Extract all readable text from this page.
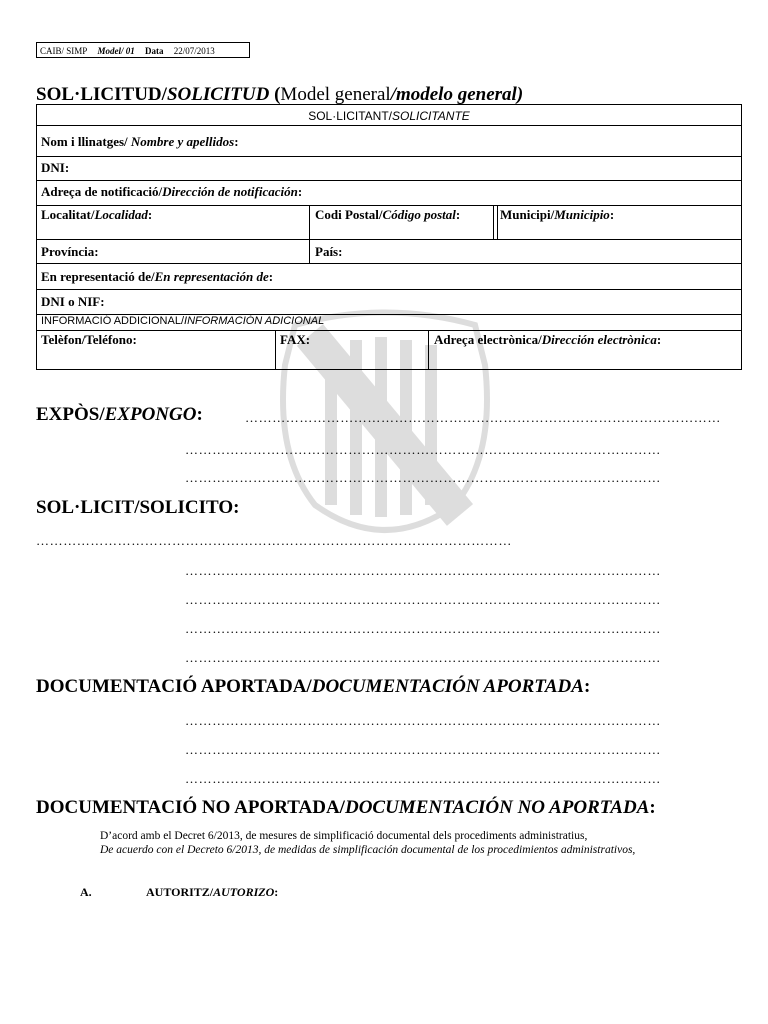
CAIB/ SIMP Model/ 01 Data 22/07/2013
SOL·LICITUD/SOLICITUD (Model general/modelo general)
SOL·LICITANT/SOLICITANTE
Nom i llinatges/ Nombre y apellidos:
DNI:
Adreça de notificació/Dirección de notificación:
Localitat/Localidad:	Codi Postal/Código postal:	Municipi/Municipio:
Província:	País:
En representació de/En representación de:
DNI o NIF:
INFORMACIÓ ADDICIONAL/INFORMACIÓN ADICIONAL
Telèfon/Teléfono:	FAX:	Adreça electrònica/Dirección electrònica:
EXPÒS/EXPONGO:	……………………………………………………………………………………………
……………………………………………………………………………………………
……………………………………………………………………………………………
SOL·LICIT/SOLICITO:
……………………………………………………………………………………………
……………………………………………………………………………………………
……………………………………………………………………………………………
……………………………………………………………………………………………
……………………………………………………………………………………………
DOCUMENTACIÓ APORTADA/DOCUMENTACIÓN APORTADA:
……………………………………………………………………………………………
……………………………………………………………………………………………
……………………………………………………………………………………………
DOCUMENTACIÓ NO APORTADA/DOCUMENTACIÓN NO APORTADA:
D’acord amb el Decret 6/2013, de mesures de simplificació documental dels procediments administratius,
De acuerdo con el Decreto 6/2013, de medidas de simplificación documental de los procedimientos administrativos,
A.	AUTORITZ/AUTORIZO:
